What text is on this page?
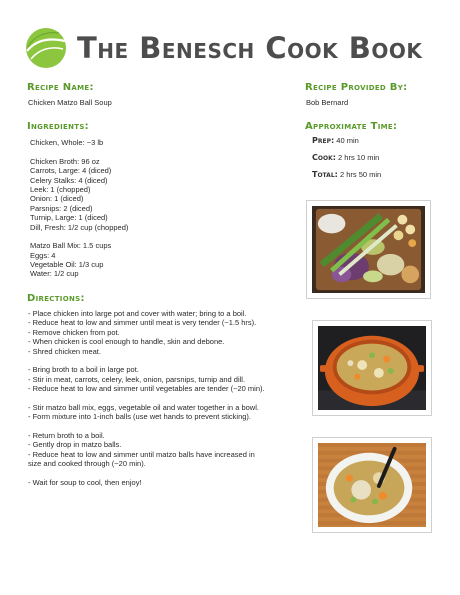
The Benesch Cook Book
Recipe Name:
Chicken Matzo Ball Soup
Recipe Provided By:
Bob Bernard
Ingredients:
Chicken, Whole: ~3 lb
Chicken Broth: 96 oz
Carrots, Large: 4 (diced)
Celery Stalks: 4 (diced)
Leek: 1 (chopped)
Onion: 1 (diced)
Parsnips: 2 (diced)
Turnip, Large: 1 (diced)
Dill, Fresh: 1/2 cup (chopped)
Matzo Ball Mix: 1.5 cups
Eggs: 4
Vegetable Oil: 1/3 cup
Water: 1/2 cup
Approximate Time:
Prep: 40 min
Cook: 2 hrs 10 min
Total: 2 hrs 50 min
Directions:
- Place chicken into large pot and cover with water; bring to a boil.
- Reduce heat to low and simmer until meat is very tender (~1.5 hrs).
- Remove chicken from pot.
- When chicken is cool enough to handle, skin and debone.
- Shred chicken meat.
- Bring broth to a boil in large pot.
- Stir in meat, carrots, celery, leek, onion, parsnips, turnip and dill.
- Reduce heat to low and simmer until vegetables are tender (~20 min).
- Stir matzo ball mix, eggs, vegetable oil and water together in a bowl.
- Form mixture into 1-inch balls (use wet hands to prevent sticking).
- Return broth to a boil.
- Gently drop in matzo balls.
- Reduce heat to low and simmer until matzo balls have increased in
size and cooked through (~20 min).
- Wait for soup to cool, then enjoy!
